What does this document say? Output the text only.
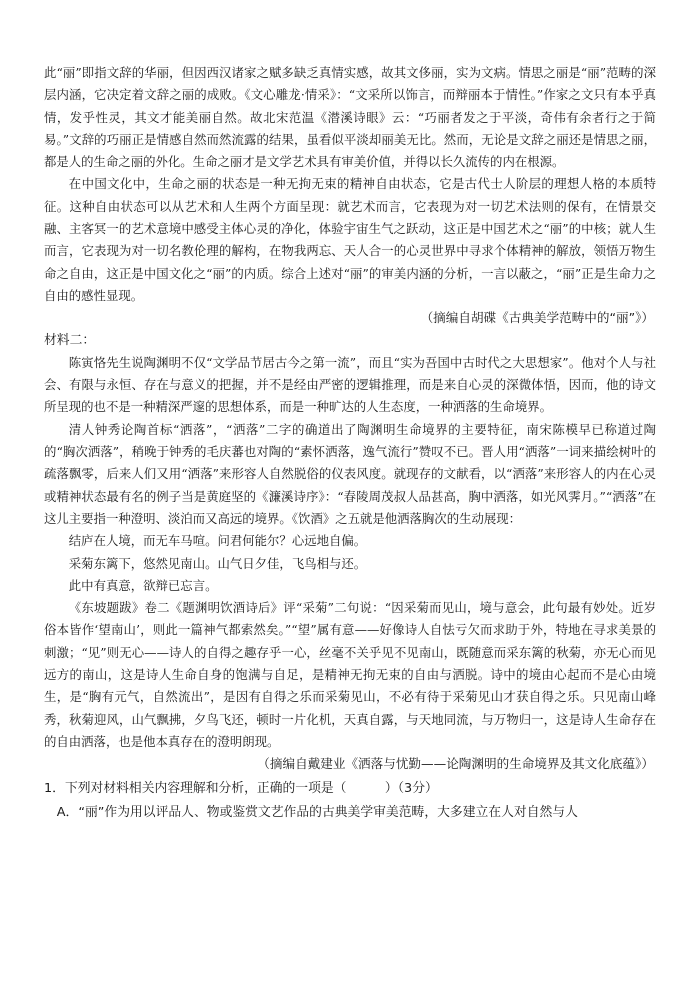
此“丽”即指文辞的华丽，但因西汉诸家之赋多缺乏真情实感，故其文侈丽，实为文病。情思之丽是“丽”范畴的深层内涵，它决定着文辞之丽的成败。《文心雕龙·情采》：“文采所以饰言，而辩丽本于情性。”作家之文只有本乎真情，发乎性灵，其文才能美丽自然。故北宋范温《潜溪诗眼》云：“巧丽者发之于平淡，奇伟有余者行之于简易。”文辞的巧丽正是情感自然而然流露的结果，虽看似平淡却丽美无比。然而，无论是文辞之丽还是情思之丽，都是人的生命之丽的外化。生命之丽才是文学艺术具有审美价值，并得以长久流传的内在根源。

在中国文化中，生命之丽的状态是一种无拘无束的精神自由状态，它是古代士人阶层的理想人格的本质特征。这种自由状态可以从艺术和人生两个方面呈现：就艺术而言，它表现为对一切艺术法则的保有，在情景交融、主客冥一的艺术意境中感受主体心灵的净化，体验宇宙生气之跃动，这正是中国艺术之“丽”的中核；就人生而言，它表现为对一切名教伦理的解构，在物我两忘、天人合一的心灵世界中寻求个体精神的解放，领悟万物生命之自由，这正是中国文化之“丽”的内质。综合上述对“丽”的审美内涵的分析，一言以蔽之，“丽”正是生命力之自由的感性显现。

（摘编自胡碟《古典美学范畴中的“丽”》）

材料二：

陈寅恪先生说陶渊明不仅“文学品节居古今之第一流”，而且“实为吾国中古时代之大思想家”。他对个人与社会、有限与永恒、存在与意义的把握，并不是经由严密的逻辑推理，而是来自心灵的深微体悟，因而，他的诗文所呈现的也不是一种精深严邃的思想体系，而是一种旷达的人生态度，一种洒落的生命境界。

清人钟秀论陶首标“洒落”，“洒落”二字的确道出了陶渊明生命境界的主要特征，南宋陈模早已称道过陶的“胸次洒落”，稍晚于钟秀的毛庆蕃也对陶的“素怀洒落，逸气流行”赞叹不已。晋人用“洒落”一词来描绘树叶的疏落飘零，后来人们又用“洒落”来形容人自然脱俗的仪表风度。就现存的文献看，以“洒落”来形容人的内在心灵或精神状态最有名的例子当是黄庭坚的《濂溪诗序》：“春陵周茂叔人品甚高，胸中洒落，如光风霁月。”“洒落”在这儿主要指一种澄明、淡泊而又高远的境界。《饮酒》之五就是他洒落胸次的生动展现：

结庐在人境，而无车马喧。问君何能尔？心远地自偏。

采菊东篱下，悠然见南山。山气日夕佳，飞鸟相与还。

此中有真意，欲辩已忘言。

《东坡题跋》卷二《题渊明饮酒诗后》评“采菊”二句说：“因采菊而见山，境与意会，此句最有妙处。近岁俗本皆作‘望南山’，则此一篇神气都索然矣。”“望”属有意——好像诗人自怯亏欠而求助于外，特地在寻求美景的刺激；“见”则无心——诗人的自得之趣存乎一心，丝毫不关乎见不见南山，既随意而采东篱的秋菊，亦无心而见远方的南山，这是诗人生命自身的饱满与自足，是精神无拘无束的自由与洒脱。诗中的境由心起而不是心由境生，是“胸有元气，自然流出”，是因有自得之乐而采菊见山，不必有待于采菊见山才获自得之乐。只见南山峰秀，秋菊迎风，山气飘拂，夕鸟飞还，顿时一片化机，天真自露，与天地同流，与万物归一，这是诗人生命存在的自由洒落，也是他本真存在的澄明朗现。

（摘编自戴建业《洒落与忧勤——论陶渊明的生命境界及其文化底蕴》）

1．下列对材料相关内容理解和分析，正确的一项是（　　　）（3分）

A．“丽”作为用以评品人、物或鉴赏文艺作品的古典美学审美范畴，大多建立在人对自然与人
